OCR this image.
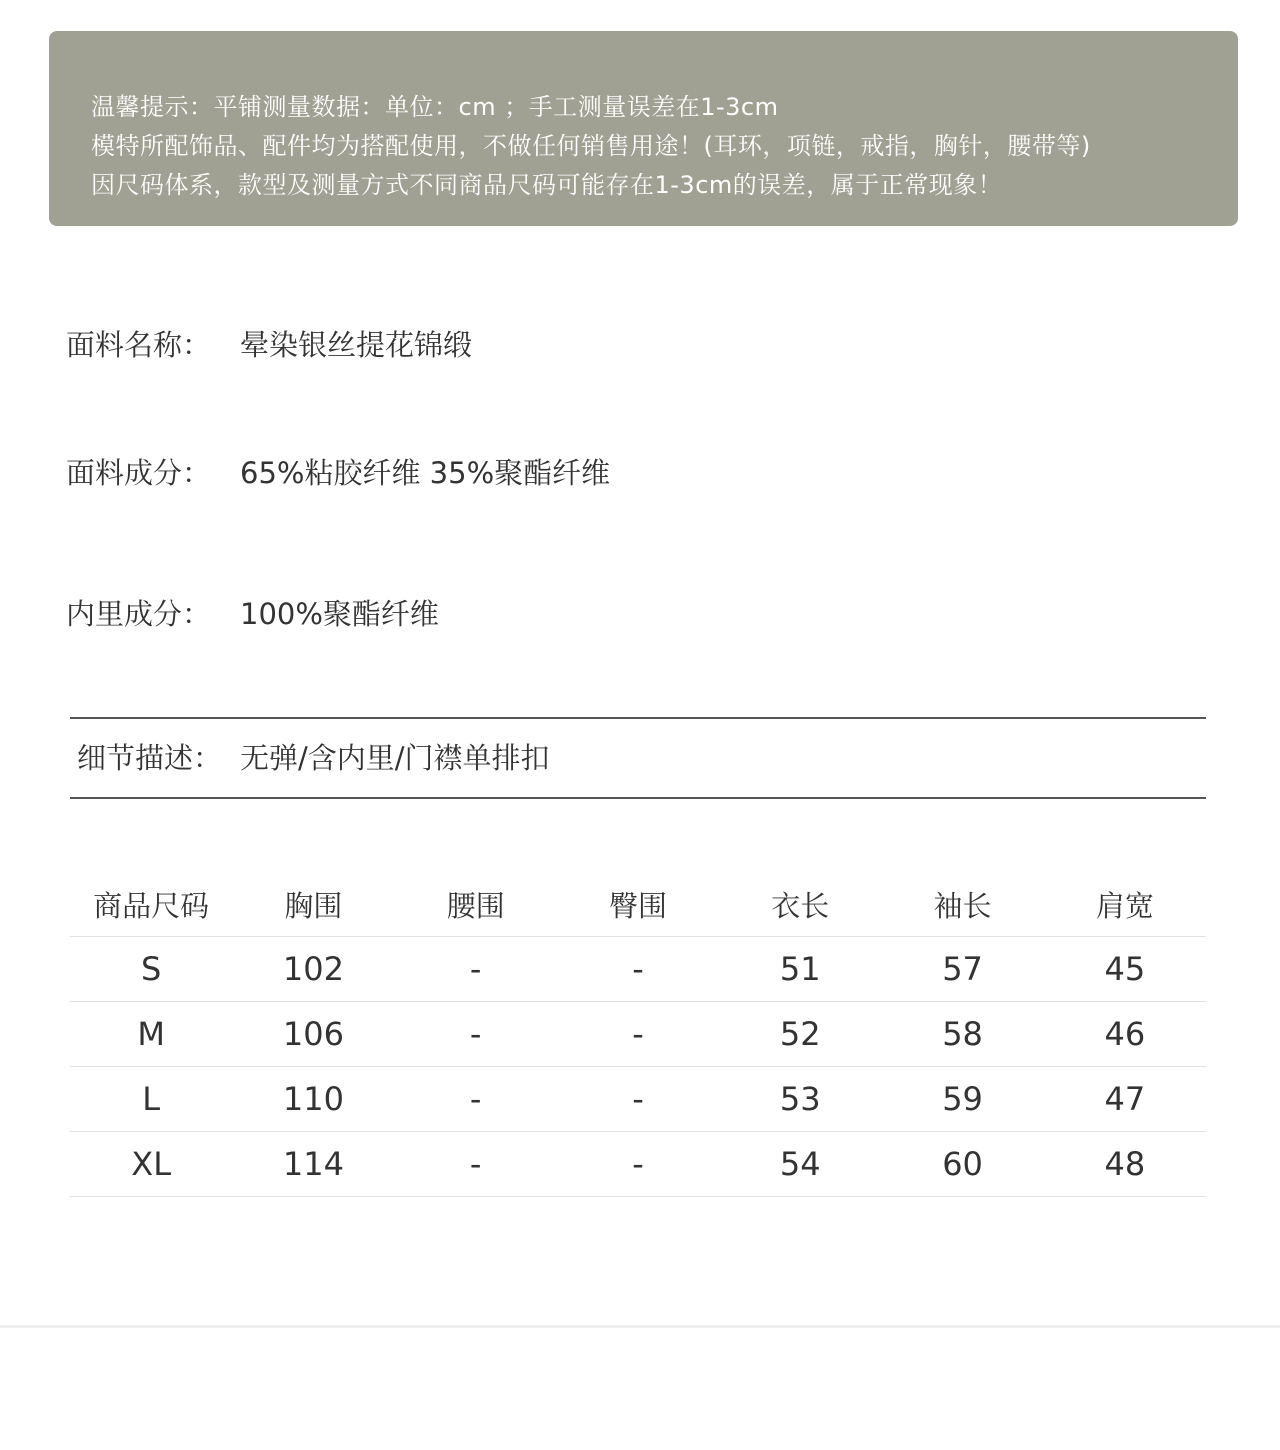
温馨提示：平铺测量数据：单位：cm ；手工测量误差在1-3cm
模特所配饰品、配件均为搭配使用，不做任何销售用途！(耳环，项链，戒指，胸针，腰带等)
因尺码体系，款型及测量方式不同商品尺码可能存在1-3cm的误差，属于正常现象！
面料名称： 晕染银丝提花锦缎
面料成分： 65%粘胶纤维 35%聚酯纤维
内里成分： 100%聚酯纤维
细节描述： 无弹/含内里/门襟单排扣
商品尺码	胸围	腰围	臀围	衣长	袖长	肩宽
S	102	-	-	51	57	45
M	106	-	-	52	58	46
L	110	-	-	53	59	47
XL	114	-	-	54	60	48
